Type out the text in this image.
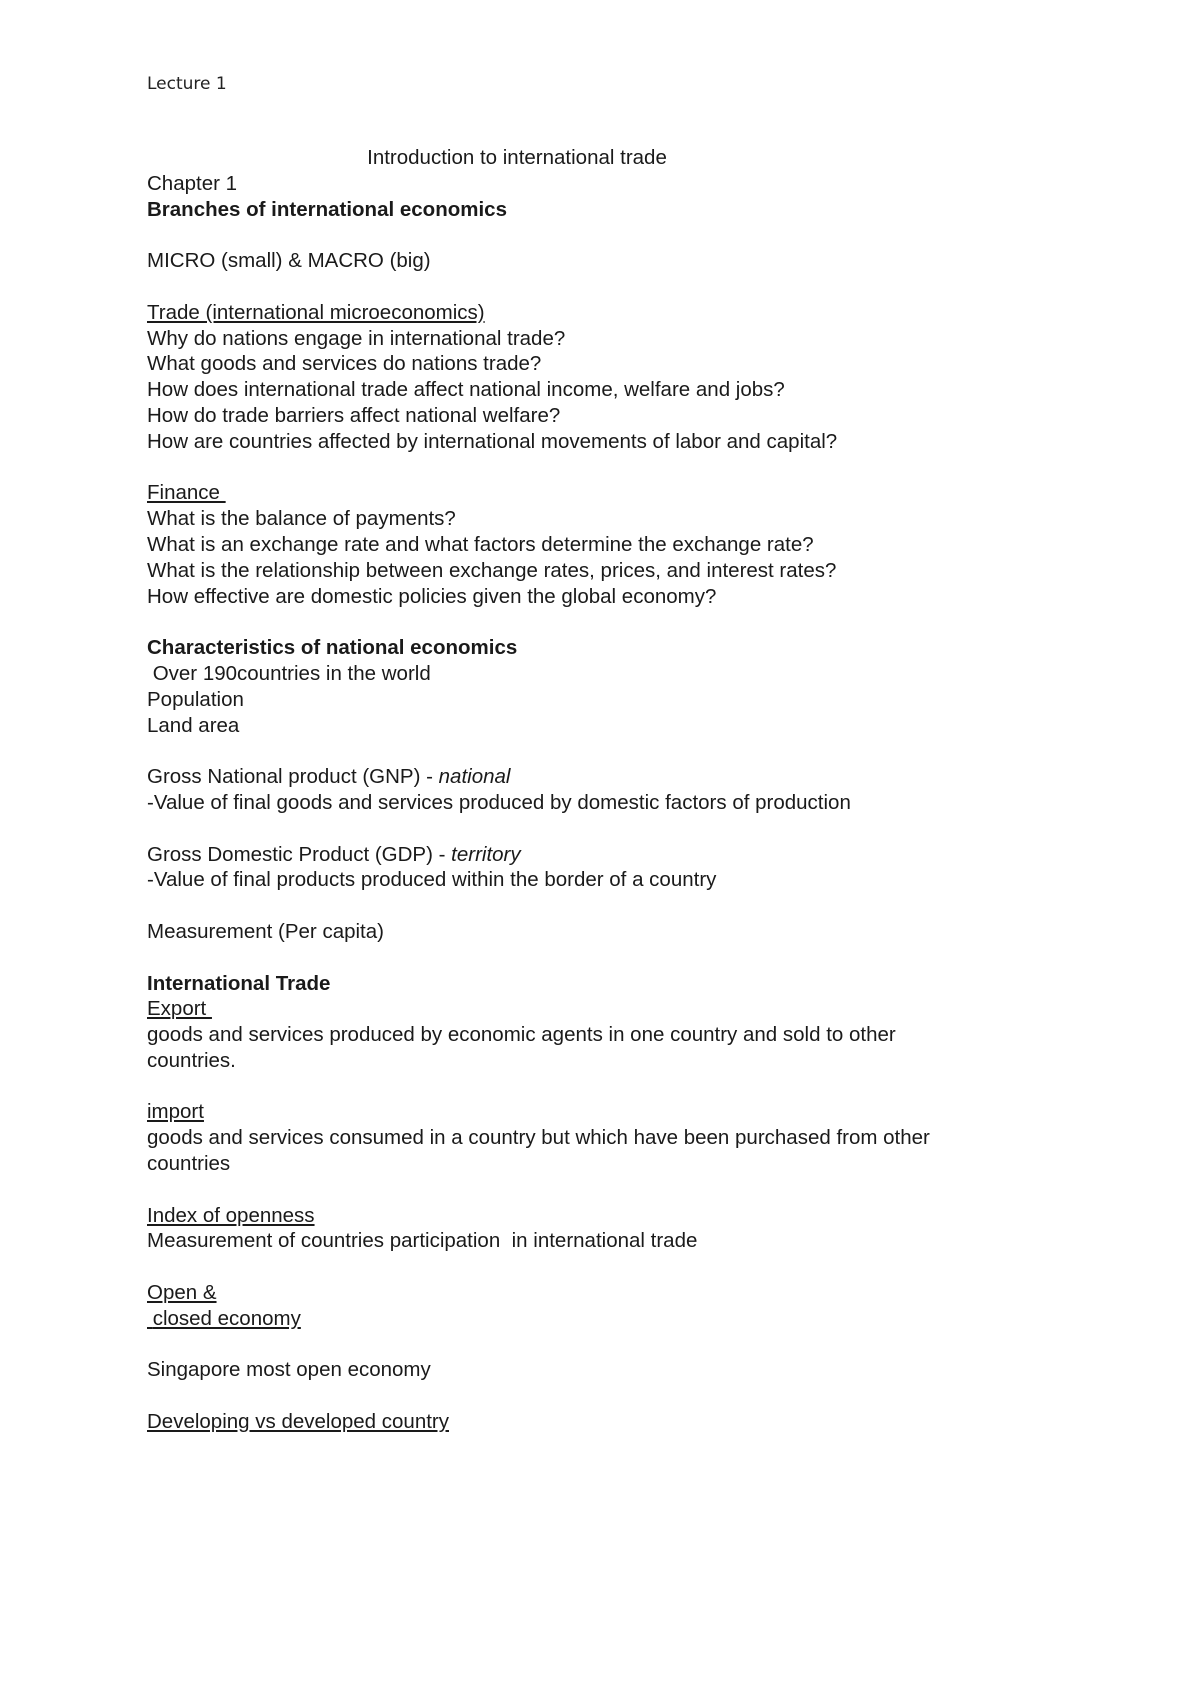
Lecture 1
Introduction to international trade
Chapter 1
Branches of international economics
MICRO (small) & MACRO (big)
Trade (international microeconomics)
Why do nations engage in international trade?
What goods and services do nations trade?
How does international trade affect national income, welfare and jobs?
How do trade barriers affect national welfare?
How are countries affected by international movements of labor and capital?
Finance
What is the balance of payments?
What is an exchange rate and what factors determine the exchange rate?
What is the relationship between exchange rates, prices, and interest rates?
How effective are domestic policies given the global economy?
Characteristics of national economics
Over 190countries in the world
Population
Land area
Gross National product (GNP) - national
-Value of final goods and services produced by domestic factors of production
Gross Domestic Product (GDP) - territory
-Value of final products produced within the border of a country
Measurement (Per capita)
International Trade
Export
goods and services produced by economic agents in one country and sold to other
countries.
import
goods and services consumed in a country but which have been purchased from other
countries
Index of openness
Measurement of countries participation  in international trade
Open &
closed economy
Singapore most open economy
Developing vs developed country
